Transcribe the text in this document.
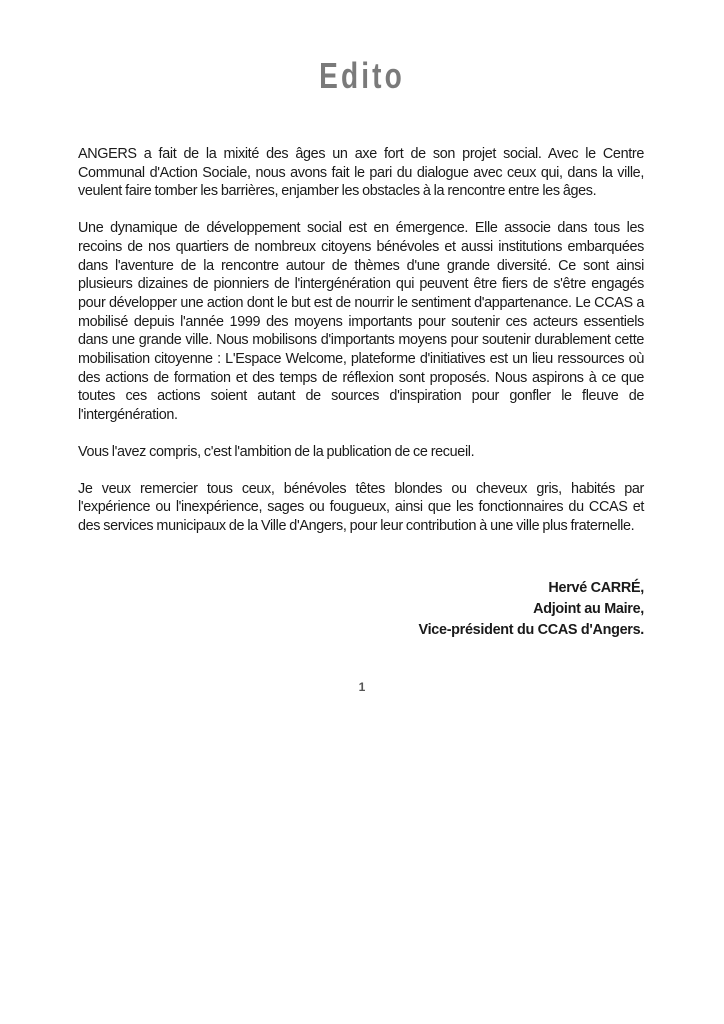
Edito

ANGERS a fait de la mixité des âges un axe fort de son projet social. Avec le Centre Communal d'Action Sociale, nous avons fait le pari du dialogue avec ceux qui, dans la ville, veulent faire tomber les barrières, enjamber les obstacles à la rencontre entre les âges.

Une dynamique de développement social est en émergence. Elle associe dans tous les recoins de nos quartiers de nombreux citoyens bénévoles et aussi institutions embarquées dans l'aventure de la rencontre autour de thèmes d'une grande diversité. Ce sont ainsi plusieurs dizaines de pionniers de l'intergénération qui peuvent être fiers de s'être engagés pour développer une action dont le but est de nourrir le sentiment d'appartenance. Le CCAS a mobilisé depuis l'année 1999 des moyens importants pour soutenir ces acteurs essentiels dans une grande ville. Nous mobilisons d'importants moyens pour soutenir durablement cette mobilisation citoyenne : L'Espace Welcome, plateforme d'initiatives est un lieu ressources où des actions de formation et des temps de réflexion sont proposés. Nous aspirons à ce que toutes ces actions soient autant de sources d'inspiration pour gonfler le fleuve de l'intergénération.

Vous l'avez compris, c'est l'ambition de la publication de ce recueil.

Je veux remercier tous ceux, bénévoles têtes blondes ou cheveux gris, habités par l'expérience ou l'inexpérience, sages ou fougueux, ainsi que les fonctionnaires du CCAS et des services municipaux de la Ville d'Angers, pour leur contribution à une ville plus fraternelle.

Hervé CARRÉ,
Adjoint au Maire,
Vice-président du CCAS d'Angers.
1
